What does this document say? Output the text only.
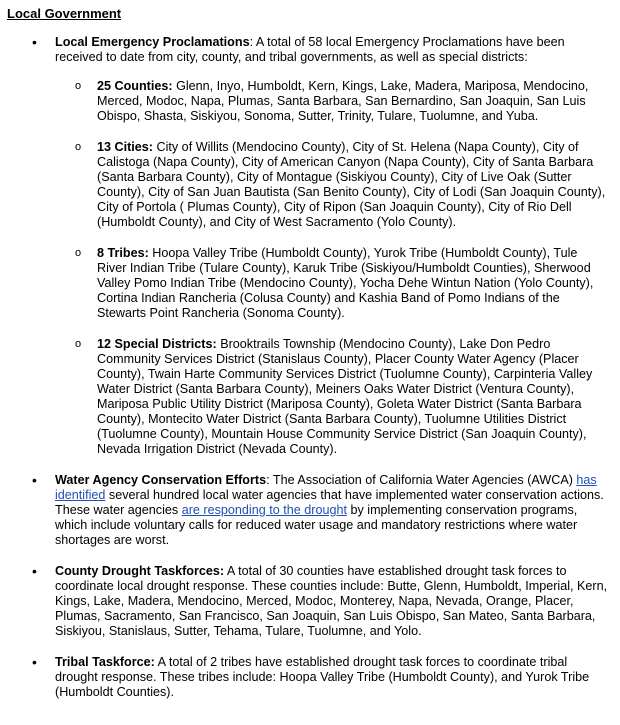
Local Government
• Local Emergency Proclamations: A total of 58 local Emergency Proclamations have been received to date from city, county, and tribal governments, as well as special districts:
o 25 Counties: Glenn, Inyo, Humboldt, Kern, Kings, Lake, Madera, Mariposa, Mendocino, Merced, Modoc, Napa, Plumas, Santa Barbara, San Bernardino, San Joaquin, San Luis Obispo, Shasta, Siskiyou, Sonoma, Sutter, Trinity, Tulare, Tuolumne, and Yuba.
o 13 Cities: City of Willits (Mendocino County), City of St. Helena (Napa County), City of Calistoga (Napa County), City of American Canyon (Napa County), City of Santa Barbara (Santa Barbara County), City of Montague (Siskiyou County), City of Live Oak (Sutter County), City of San Juan Bautista (San Benito County), City of Lodi (San Joaquin County), City of Portola ( Plumas County), City of Ripon (San Joaquin County), City of Rio Dell (Humboldt County), and City of West Sacramento (Yolo County).
o 8 Tribes: Hoopa Valley Tribe (Humboldt County), Yurok Tribe (Humboldt County), Tule River Indian Tribe (Tulare County), Karuk Tribe (Siskiyou/Humboldt Counties), Sherwood Valley Pomo Indian Tribe (Mendocino County), Yocha Dehe Wintun Nation (Yolo County), Cortina Indian Rancheria (Colusa County) and Kashia Band of Pomo Indians of the Stewarts Point Rancheria (Sonoma County).
o 12 Special Districts: Brooktrails Township (Mendocino County), Lake Don Pedro Community Services District (Stanislaus County), Placer County Water Agency (Placer County), Twain Harte Community Services District (Tuolumne County), Carpinteria Valley Water District (Santa Barbara County), Meiners Oaks Water District (Ventura County), Mariposa Public Utility District (Mariposa County), Goleta Water District (Santa Barbara County), Montecito Water District (Santa Barbara County), Tuolumne Utilities District (Tuolumne County), Mountain House Community Service District (San Joaquin County), Nevada Irrigation District (Nevada County).
• Water Agency Conservation Efforts: The Association of California Water Agencies (AWCA) has identified several hundred local water agencies that have implemented water conservation actions. These water agencies are responding to the drought by implementing conservation programs, which include voluntary calls for reduced water usage and mandatory restrictions where water shortages are worst.
• County Drought Taskforces: A total of 30 counties have established drought task forces to coordinate local drought response. These counties include: Butte, Glenn, Humboldt, Imperial, Kern, Kings, Lake, Madera, Mendocino, Merced, Modoc, Monterey, Napa, Nevada, Orange, Placer, Plumas, Sacramento, San Francisco, San Joaquin, San Luis Obispo, San Mateo, Santa Barbara, Siskiyou, Stanislaus, Sutter, Tehama, Tulare, Tuolumne, and Yolo.
• Tribal Taskforce: A total of 2 tribes have established drought task forces to coordinate tribal drought response. These tribes include: Hoopa Valley Tribe (Humboldt County), and Yurok Tribe (Humboldt Counties).
